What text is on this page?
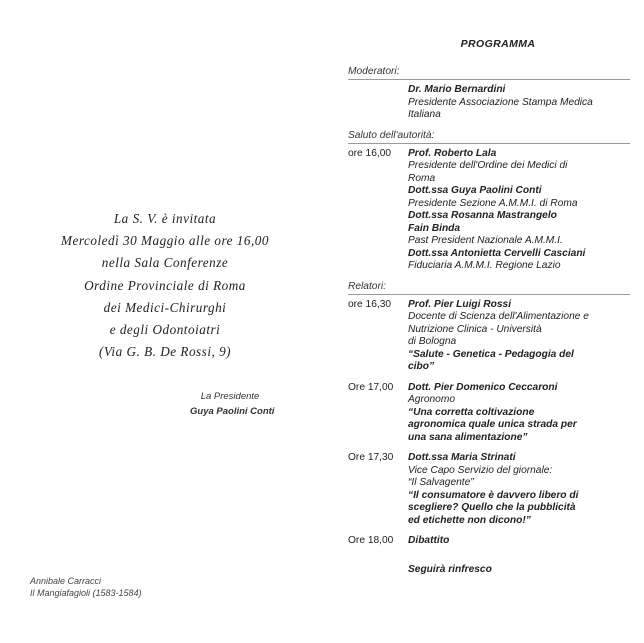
La S. V. è invitata
Mercoledì 30 Maggio alle ore 16,00
nella Sala Conferenze
Ordine Provinciale di Roma
dei Medici-Chirurghi
e degli Odontoiatri
(Via G. B. De Rossi, 9)
La Presidente
Guya Paolini Conti
Annibale Carracci
Il Mangiafagioli (1583-1584)
PROGRAMMA
Moderatori:
Dr. Mario Bernardini
Presidente Associazione Stampa Medica
Italiana
Saluto dell'autorità:
ore 16,00	Prof. Roberto Lala
Presidente dell'Ordine dei Medici di
Roma
Dott.ssa Guya Paolini Conti
Presidente Sezione A.M.M.I. di Roma
Dott.ssa Rosanna Mastrangelo
Fain Binda
Past President Nazionale A.M.M.I.
Dott.ssa Antonietta Cervelli Casciani
Fiduciaria A.M.M.I. Regione Lazio
Relatori:
ore 16,30	Prof. Pier Luigi Rossi
Docente di Scienza dell'Alimentazione e
Nutrizione Clinica - Università
di Bologna
“Salute - Genetica - Pedagogia del
cibo”
Ore 17,00	Dott. Pier Domenico Ceccaroni
Agronomo
“Una corretta coltivazione
agronomica quale unica strada per
una sana alimentazione”
Ore 17,30	Dott.ssa Maria Strinati
Vice Capo Servizio del giornale:
“Il Salvagente”
“Il consumatore è davvero libero di
scegliere? Quello che la pubblicità
ed etichette non dicono!”
Ore 18,00	Dibattito
Seguirà rinfresco
